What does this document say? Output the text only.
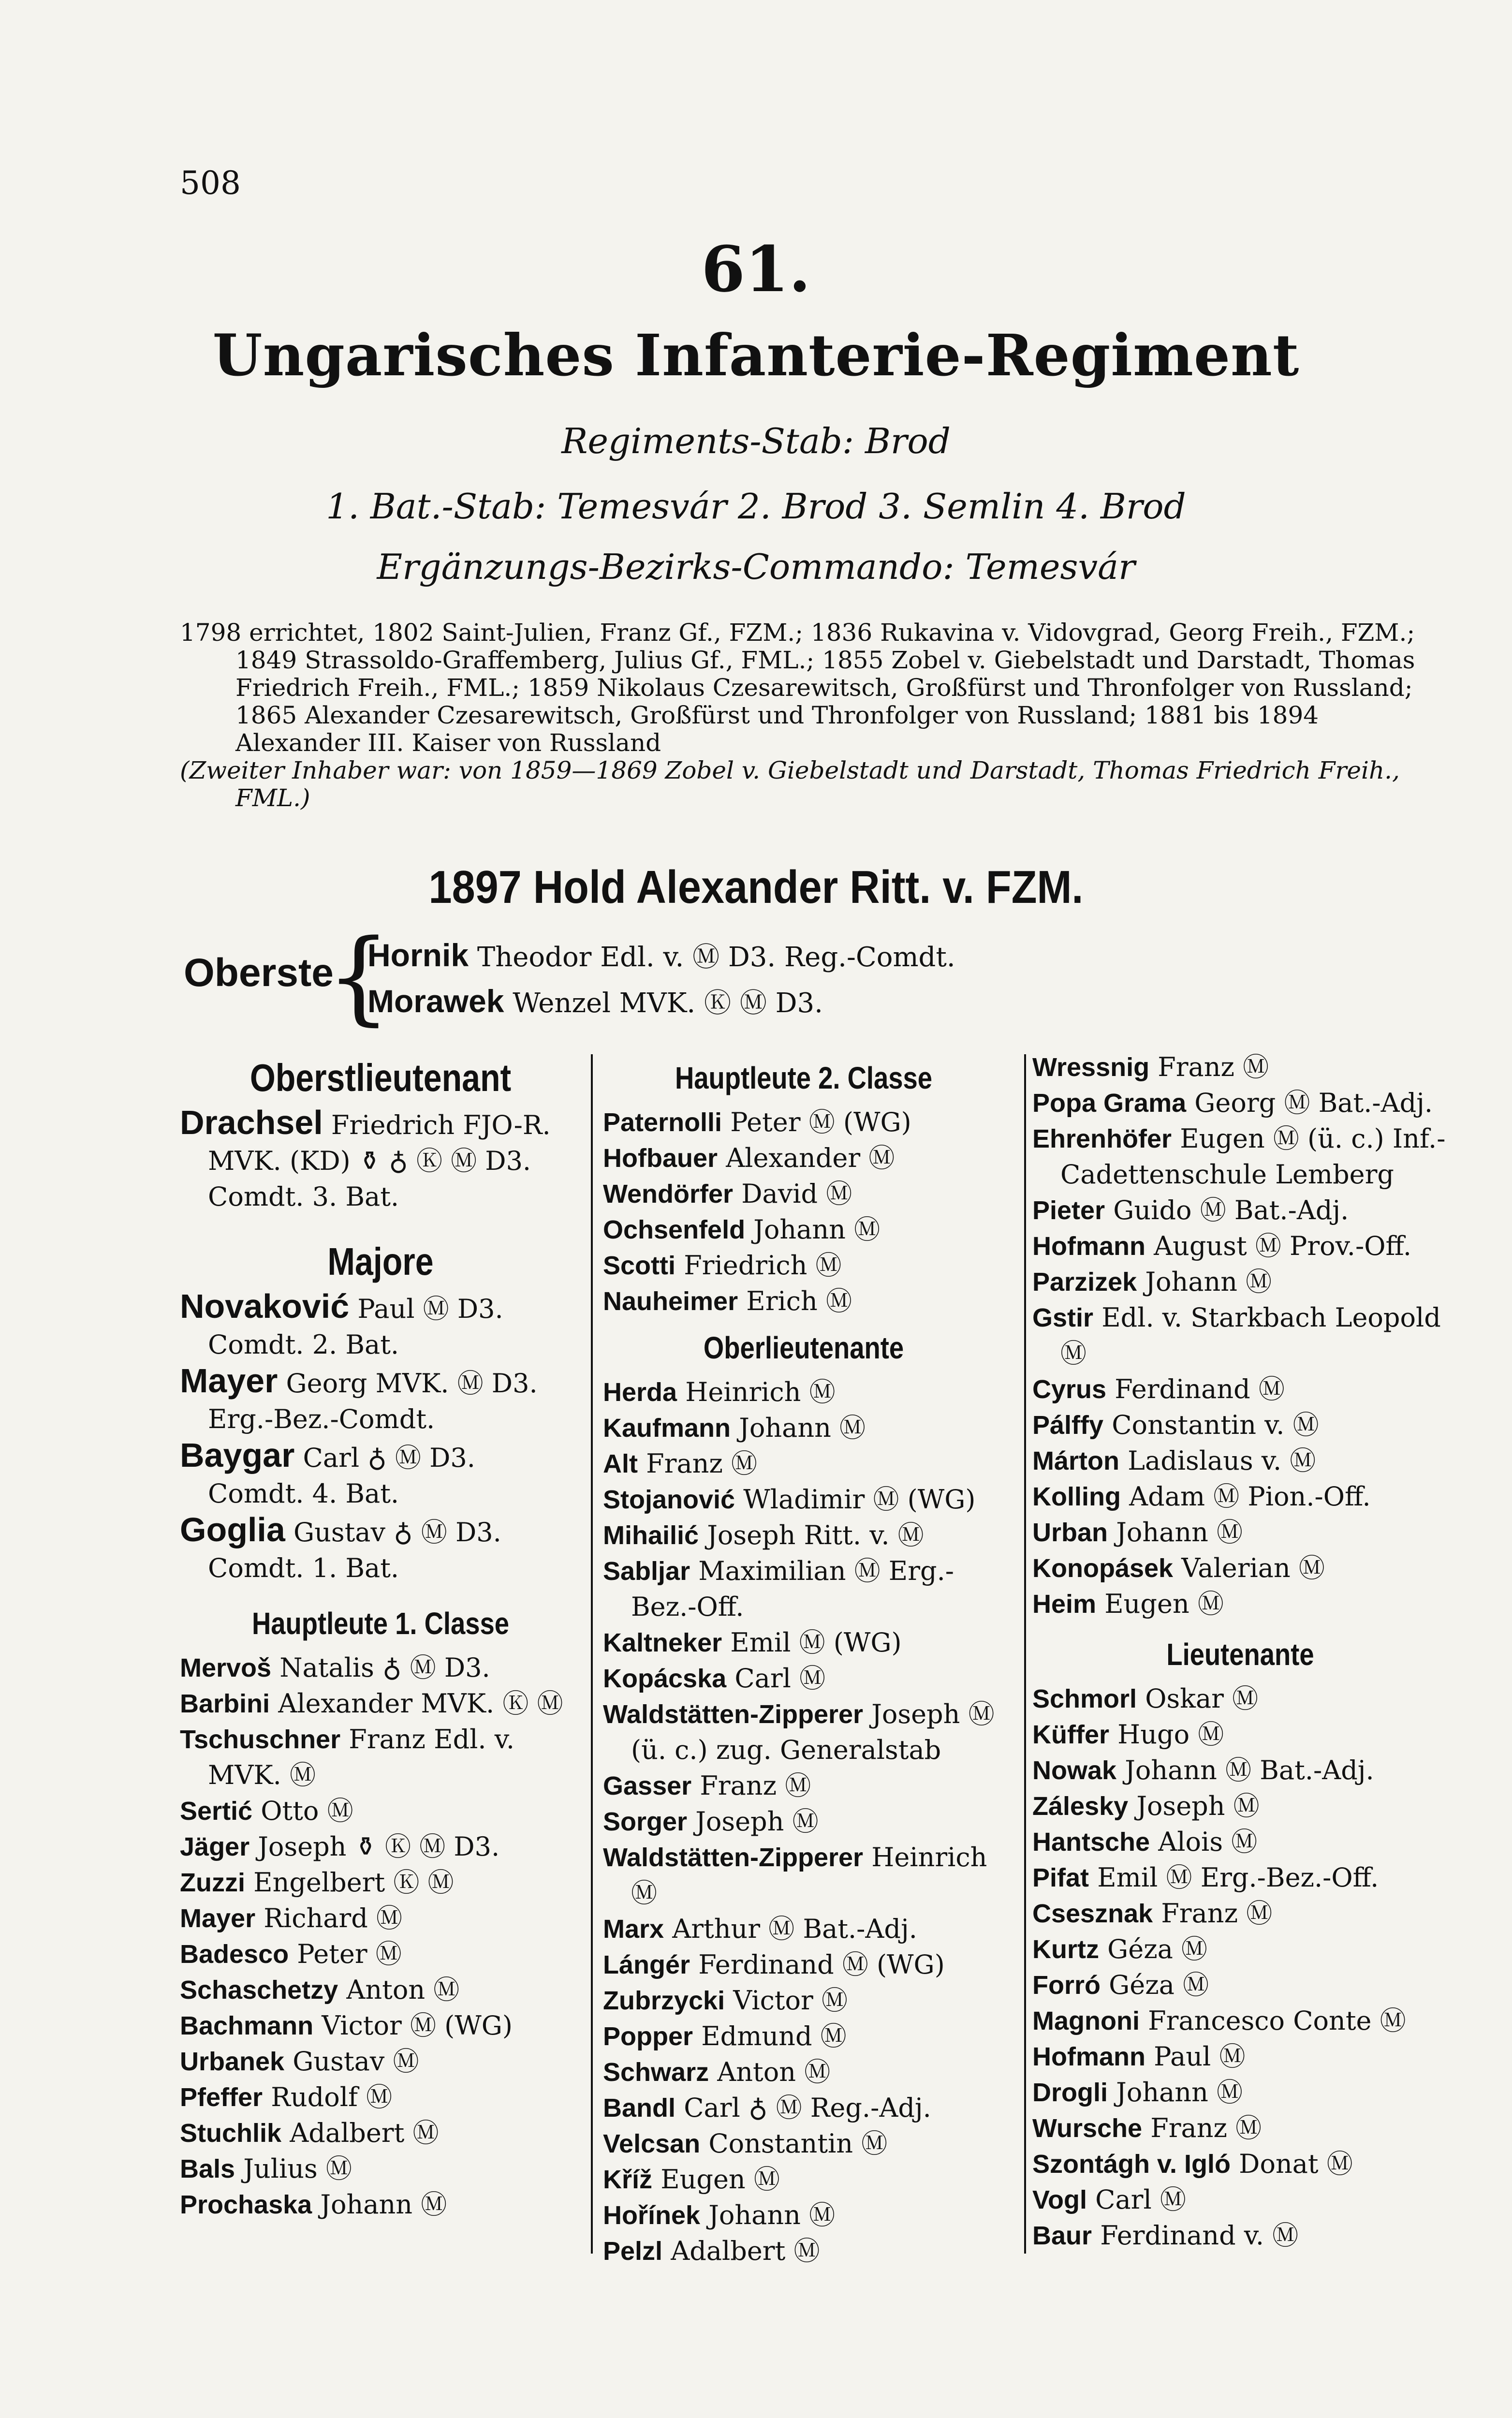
508
61.
Ungarisches Infanterie-Regiment
Regiments-Stab: Brod
1. Bat.-Stab: Temesvár 2. Brod 3. Semlin 4. Brod
Ergänzungs-Bezirks-Commando: Temesvár

1798 errichtet, 1802 Saint-Julien, Franz Gf., FZM.; 1836 Rukavina v. Vidovgrad, Georg Freih., FZM.; 1849 Strassoldo-Graffemberg, Julius Gf., FML.; 1855 Zobel v. Giebelstadt und Darstadt, Thomas Friedrich Freih., FML.; 1859 Nikolaus Czesarewitsch, Großfürst und Thronfolger von Russland; 1865 Alexander Czesarewitsch, Großfürst und Thronfolger von Russland; 1881 bis 1894 Alexander III. Kaiser von Russland

(Zweiter Inhaber war: von 1859—1869 Zobel v. Giebelstadt und Darstadt, Thomas Friedrich Freih., FML.)

1897 Hold Alexander Ritt. v. FZM.
Oberste
{
Hornik Theodor Edl. v. Ⓜ D3. Reg.-Comdt.
Morawek Wenzel MVK. Ⓚ Ⓜ D3.
Oberstlieutenant
Drachsel Friedrich FJO-R. MVK. (KD) ⚱ ♁ Ⓚ Ⓜ D3. Comdt. 3. Bat.
Majore
Novaković Paul Ⓜ D3.
Comdt. 2. Bat.
Mayer Georg MVK. Ⓜ D3.
Erg.-Bez.-Comdt.
Baygar Carl ♁ Ⓜ D3.
Comdt. 4. Bat.
Goglia Gustav ♁ Ⓜ D3.
Comdt. 1. Bat.
Hauptleute 1. Classe
Mervoš Natalis ♁ Ⓜ D3.
Barbini Alexander MVK. Ⓚ Ⓜ
Tschuschner Franz Edl. v. MVK. Ⓜ
Sertić Otto Ⓜ
Jäger Joseph ⚱ Ⓚ Ⓜ D3.
Zuzzi Engelbert Ⓚ Ⓜ
Mayer Richard Ⓜ
Badesco Peter Ⓜ
Schaschetzy Anton Ⓜ
Bachmann Victor Ⓜ (WG)
Urbanek Gustav Ⓜ
Pfeffer Rudolf Ⓜ
Stuchlik Adalbert Ⓜ
Bals Julius Ⓜ
Prochaska Johann Ⓜ
Hauptleute 2. Classe
Paternolli Peter Ⓜ (WG)
Hofbauer Alexander Ⓜ
Wendörfer David Ⓜ
Ochsenfeld Johann Ⓜ
Scotti Friedrich Ⓜ
Nauheimer Erich Ⓜ
Oberlieutenante
Herda Heinrich Ⓜ
Kaufmann Johann Ⓜ
Alt Franz Ⓜ
Stojanović Wladimir Ⓜ (WG)
Mihailić Joseph Ritt. v. Ⓜ
Sabljar Maximilian Ⓜ Erg.-Bez.-Off.
Kaltneker Emil Ⓜ (WG)
Kopácska Carl Ⓜ
Waldstätten-Zipperer Joseph Ⓜ (ü. c.) zug. Generalstab
Gasser Franz Ⓜ
Sorger Joseph Ⓜ
Waldstätten-Zipperer Heinrich Ⓜ
Marx Arthur Ⓜ Bat.-Adj.
Lángér Ferdinand Ⓜ (WG)
Zubrzycki Victor Ⓜ
Popper Edmund Ⓜ
Schwarz Anton Ⓜ
Bandl Carl ♁ Ⓜ Reg.-Adj.
Velcsan Constantin Ⓜ
Kříž Eugen Ⓜ
Hořínek Johann Ⓜ
Pelzl Adalbert Ⓜ
Wressnig Franz Ⓜ
Popa Grama Georg Ⓜ Bat.-Adj.
Ehrenhöfer Eugen Ⓜ (ü. c.) Inf.-Cadettenschule Lemberg
Pieter Guido Ⓜ Bat.-Adj.
Hofmann August Ⓜ Prov.-Off.
Parzizek Johann Ⓜ
Gstir Edl. v. Starkbach Leopold Ⓜ
Cyrus Ferdinand Ⓜ
Pálffy Constantin v. Ⓜ
Márton Ladislaus v. Ⓜ
Kolling Adam Ⓜ Pion.-Off.
Urban Johann Ⓜ
Konopásek Valerian Ⓜ
Heim Eugen Ⓜ
Lieutenante
Schmorl Oskar Ⓜ
Küffer Hugo Ⓜ
Nowak Johann Ⓜ Bat.-Adj.
Zálesky Joseph Ⓜ
Hantsche Alois Ⓜ
Pifat Emil Ⓜ Erg.-Bez.-Off.
Csesznak Franz Ⓜ
Kurtz Géza Ⓜ
Forró Géza Ⓜ
Magnoni Francesco Conte Ⓜ
Hofmann Paul Ⓜ
Drogli Johann Ⓜ
Wursche Franz Ⓜ
Szontágh v. Igló Donat Ⓜ
Vogl Carl Ⓜ
Baur Ferdinand v. Ⓜ
